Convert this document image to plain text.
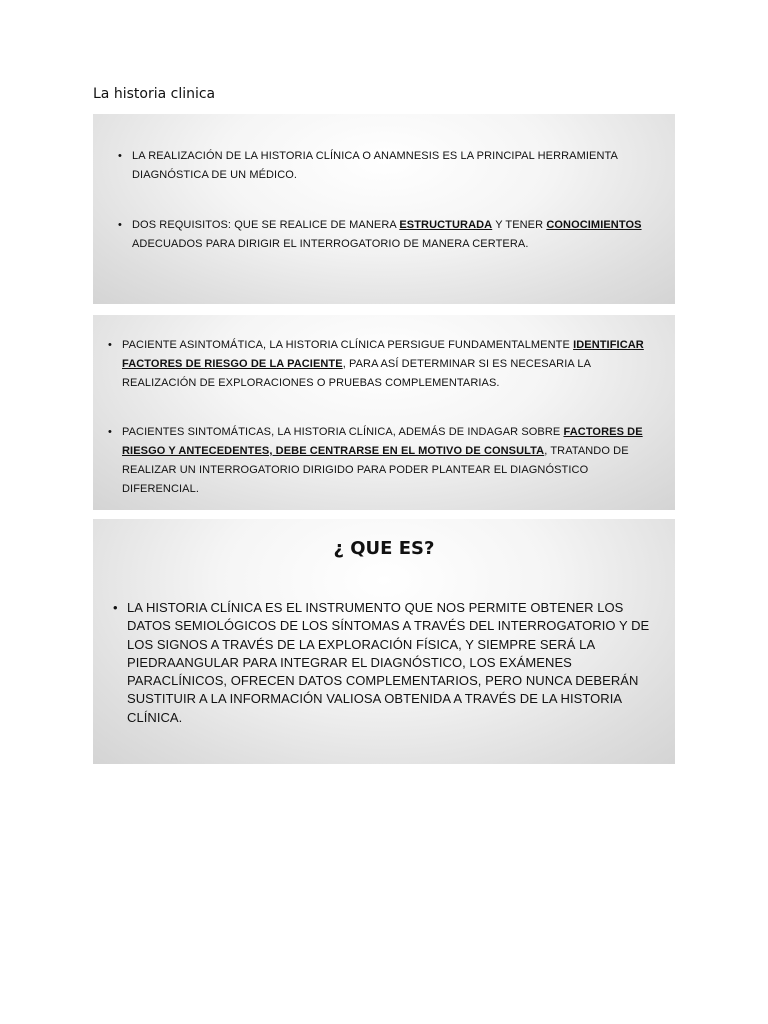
La historia clinica
• LA REALIZACIÓN DE LA HISTORIA CLÍNICA O ANAMNESIS ES LA PRINCIPAL HERRAMIENTA DIAGNÓSTICA DE UN MÉDICO.
• DOS REQUISITOS: QUE SE REALICE DE MANERA ESTRUCTURADA Y TENER CONOCIMIENTOS ADECUADOS PARA DIRIGIR EL INTERROGATORIO DE MANERA CERTERA.
• PACIENTE ASINTOMÁTICA, LA HISTORIA CLÍNICA PERSIGUE FUNDAMENTALMENTE IDENTIFICAR FACTORES DE RIESGO DE LA PACIENTE, PARA ASÍ DETERMINAR SI ES NECESARIA LA REALIZACIÓN DE EXPLORACIONES O PRUEBAS COMPLEMENTARIAS.
• PACIENTES SINTOMÁTICAS, LA HISTORIA CLÍNICA, ADEMÁS DE INDAGAR SOBRE FACTORES DE RIESGO Y ANTECEDENTES, DEBE CENTRARSE EN EL MOTIVO DE CONSULTA, TRATANDO DE REALIZAR UN INTERROGATORIO DIRIGIDO PARA PODER PLANTEAR EL DIAGNÓSTICO DIFERENCIAL.
¿ QUE ES?
• LA HISTORIA CLÍNICA ES EL INSTRUMENTO QUE NOS PERMITE OBTENER LOS DATOS SEMIOLÓGICOS DE LOS SÍNTOMAS A TRAVÉS DEL INTERROGATORIO Y DE LOS SIGNOS A TRAVÉS DE LA EXPLORACIÓN FÍSICA, Y SIEMPRE SERÁ LA PIEDRAANGULAR PARA INTEGRAR EL DIAGNÓSTICO, LOS EXÁMENES PARACLÍNICOS, OFRECEN DATOS COMPLEMENTARIOS, PERO NUNCA DEBERÁN SUSTITUIR A LA INFORMACIÓN VALIOSA OBTENIDA A TRAVÉS DE LA HISTORIA CLÍNICA.
